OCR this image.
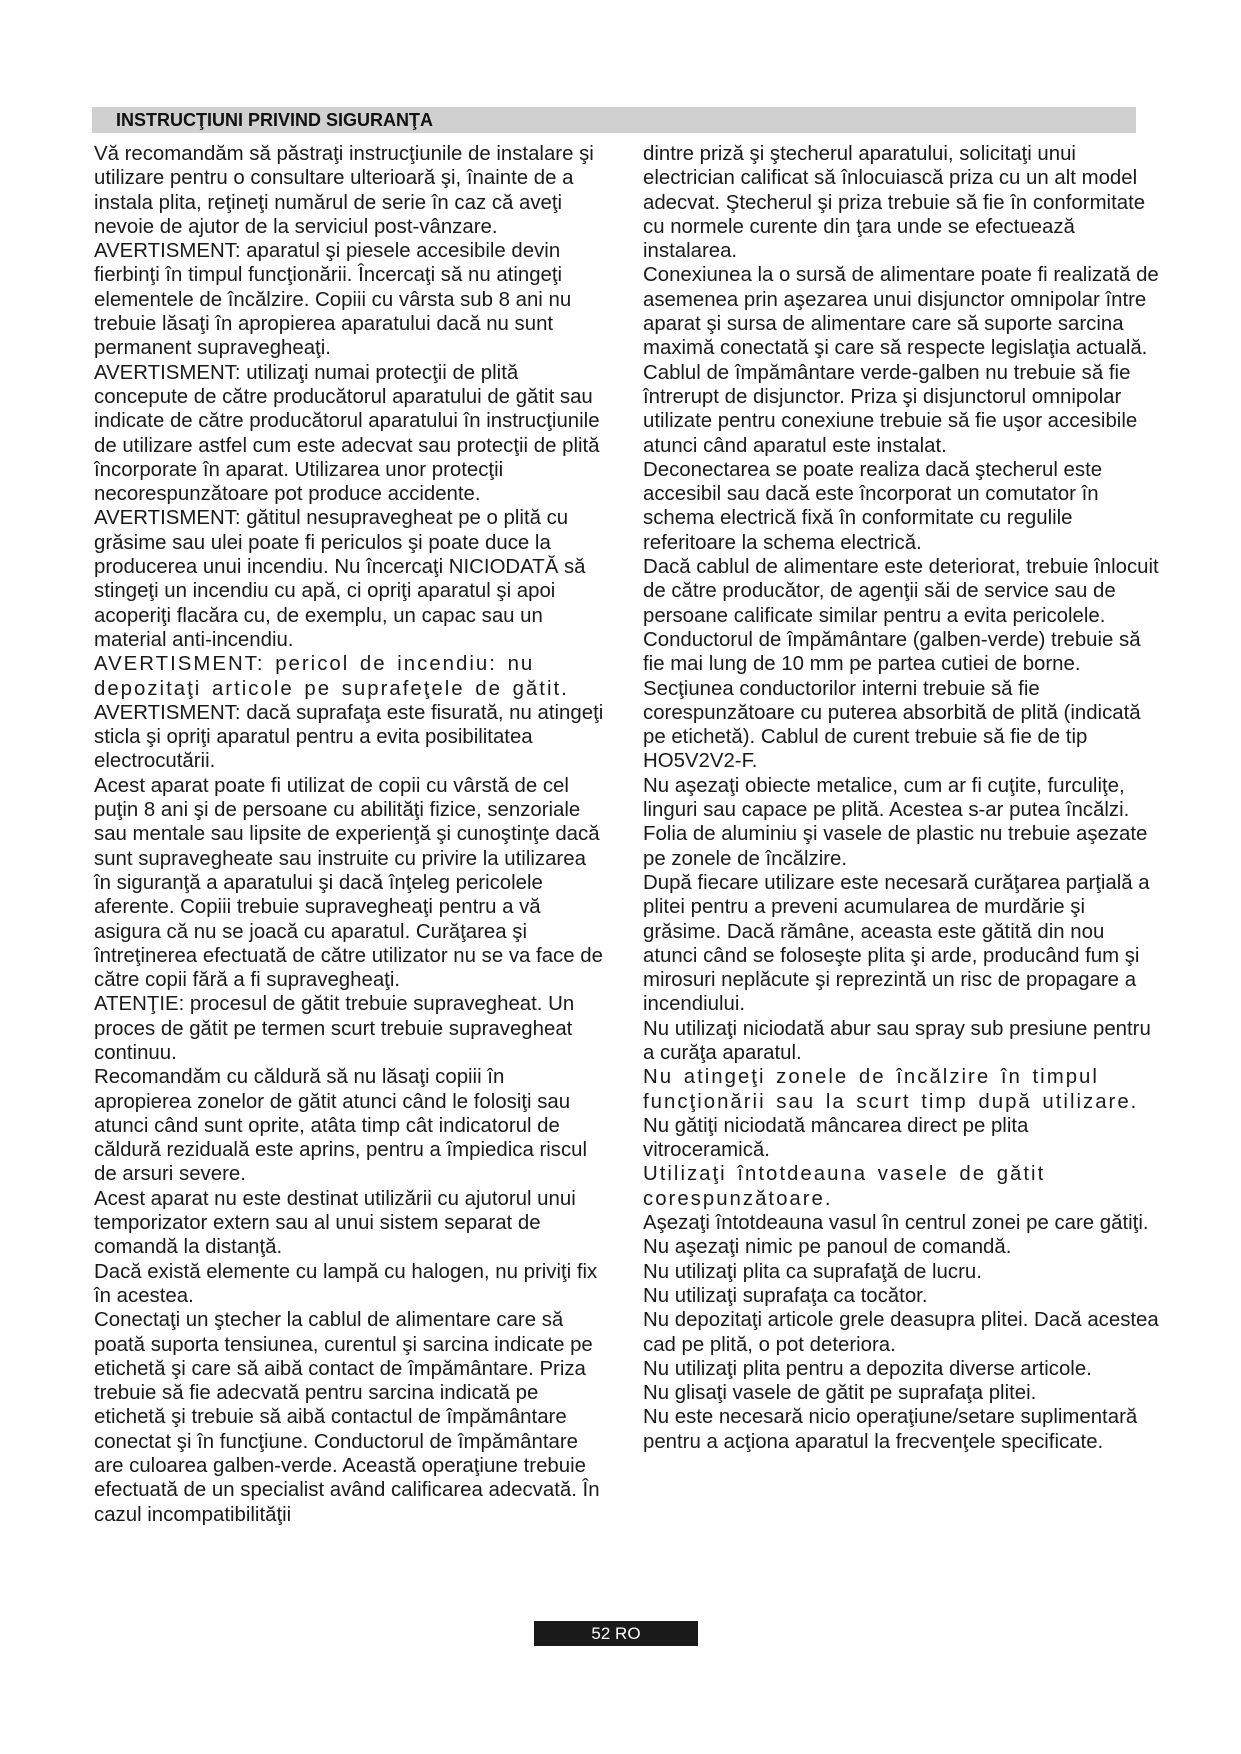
INSTRUCŢIUNI PRIVIND SIGURANŢA

Vă recomandăm să păstraţi instrucţiunile de instalare şi utilizare pentru o consultare ulterioară şi, înainte de a instala plita, reţineţi numărul de serie în caz că aveţi nevoie de ajutor de la serviciul post-vânzare.

AVERTISMENT: aparatul şi piesele accesibile devin fierbinţi în timpul funcţionării. Încercaţi să nu atingeţi elementele de încălzire. Copiii cu vârsta sub 8 ani nu trebuie lăsaţi în apropierea aparatului dacă nu sunt permanent supravegheaţi.

AVERTISMENT: utilizaţi numai protecţii de plită concepute de către producătorul aparatului de gătit sau indicate de către producătorul aparatului în instrucţiunile de utilizare astfel cum este adecvat sau protecţii de plită încorporate în aparat. Utilizarea unor protecţii necorespunzătoare pot produce accidente.

AVERTISMENT: gătitul nesupravegheat pe o plită cu grăsime sau ulei poate fi periculos şi poate duce la producerea unui incendiu. Nu încercaţi NICIODATĂ să stingeţi un incendiu cu apă, ci opriţi aparatul şi apoi acoperiţi flacăra cu, de exemplu, un capac sau un material anti-incendiu.

AVERTISMENT: pericol de incendiu: nu depozitaţi articole pe suprafeţele de gătit.

AVERTISMENT: dacă suprafaţa este fisurată, nu atingeţi sticla şi opriţi aparatul pentru a evita posibilitatea electrocutării.

Acest aparat poate fi utilizat de copii cu vârstă de cel puţin 8 ani şi de persoane cu abilităţi fizice, senzoriale sau mentale sau lipsite de experienţă şi cunoştinţe dacă sunt supravegheate sau instruite cu privire la utilizarea în siguranţă a aparatului şi dacă înţeleg pericolele aferente. Copiii trebuie supravegheaţi pentru a vă asigura că nu se joacă cu aparatul. Curăţarea şi întreţinerea efectuată de către utilizator nu se va face de către copii fără a fi supravegheaţi.

ATENŢIE: procesul de gătit trebuie supravegheat. Un proces de gătit pe termen scurt trebuie supravegheat continuu.

Recomandăm cu căldură să nu lăsaţi copiii în apropierea zonelor de gătit atunci când le folosiţi sau atunci când sunt oprite, atâta timp cât indicatorul de căldură reziduală este aprins, pentru a împiedica riscul de arsuri severe.

Acest aparat nu este destinat utilizării cu ajutorul unui temporizator extern sau al unui sistem separat de comandă la distanţă.

Dacă există elemente cu lampă cu halogen, nu priviţi fix în acestea.

Conectaţi un ştecher la cablul de alimentare care să poată suporta tensiunea, curentul şi sarcina indicate pe etichetă şi care să aibă contact de împământare. Priza trebuie să fie adecvată pentru sarcina indicată pe etichetă şi trebuie să aibă contactul de împământare conectat şi în funcţiune. Conductorul de împământare are culoarea galben-verde. Această operaţiune trebuie efectuată de un specialist având calificarea adecvată. În cazul incompatibilităţii

dintre priză şi ştecherul aparatului, solicitaţi unui electrician calificat să înlocuiască priza cu un alt model adecvat. Ştecherul şi priza trebuie să fie în conformitate cu normele curente din ţara unde se efectuează instalarea.

Conexiunea la o sursă de alimentare poate fi realizată de asemenea prin aşezarea unui disjunctor omnipolar între aparat şi sursa de alimentare care să suporte sarcina maximă conectată şi care să respecte legislaţia actuală.

Cablul de împământare verde-galben nu trebuie să fie întrerupt de disjunctor. Priza şi disjunctorul omnipolar utilizate pentru conexiune trebuie să fie uşor accesibile atunci când aparatul este instalat.

Deconectarea se poate realiza dacă ştecherul este accesibil sau dacă este încorporat un comutator în schema electrică fixă în conformitate cu regulile referitoare la schema electrică.

Dacă cablul de alimentare este deteriorat, trebuie înlocuit de către producător, de agenţii săi de service sau de persoane calificate similar pentru a evita pericolele. Conductorul de împământare (galben-verde) trebuie să fie mai lung de 10 mm pe partea cutiei de borne. Secţiunea conductorilor interni trebuie să fie corespunzătoare cu puterea absorbită de plită (indicată pe etichetă). Cablul de curent trebuie să fie de tip HO5V2V2-F.

Nu aşezaţi obiecte metalice, cum ar fi cuţite, furculiţe, linguri sau capace pe plită. Acestea s-ar putea încălzi.

Folia de aluminiu şi vasele de plastic nu trebuie aşezate pe zonele de încălzire.

După fiecare utilizare este necesară curăţarea parţială a plitei pentru a preveni acumularea de murdărie şi grăsime. Dacă rămâne, aceasta este gătită din nou atunci când se foloseşte plita şi arde, producând fum şi mirosuri neplăcute şi reprezintă un risc de propagare a incendiului.

Nu utilizaţi niciodată abur sau spray sub presiune pentru a curăţa aparatul.

Nu atingeţi zonele de încălzire în timpul funcţionării sau la scurt timp după utilizare.

Nu gătiţi niciodată mâncarea direct pe plita vitroceramică.

Utilizaţi întotdeauna vasele de gătit corespunzătoare.

Aşezaţi întotdeauna vasul în centrul zonei pe care gătiţi. Nu aşezaţi nimic pe panoul de comandă.

Nu utilizaţi plita ca suprafaţă de lucru.

Nu utilizaţi suprafaţa ca tocător.

Nu depozitaţi articole grele deasupra plitei. Dacă acestea cad pe plită, o pot deteriora.

Nu utilizaţi plita pentru a depozita diverse articole.

Nu glisaţi vasele de gătit pe suprafaţa plitei.

Nu este necesară nicio operaţiune/setare suplimentară pentru a acţiona aparatul la frecvenţele specificate.

52 RO
